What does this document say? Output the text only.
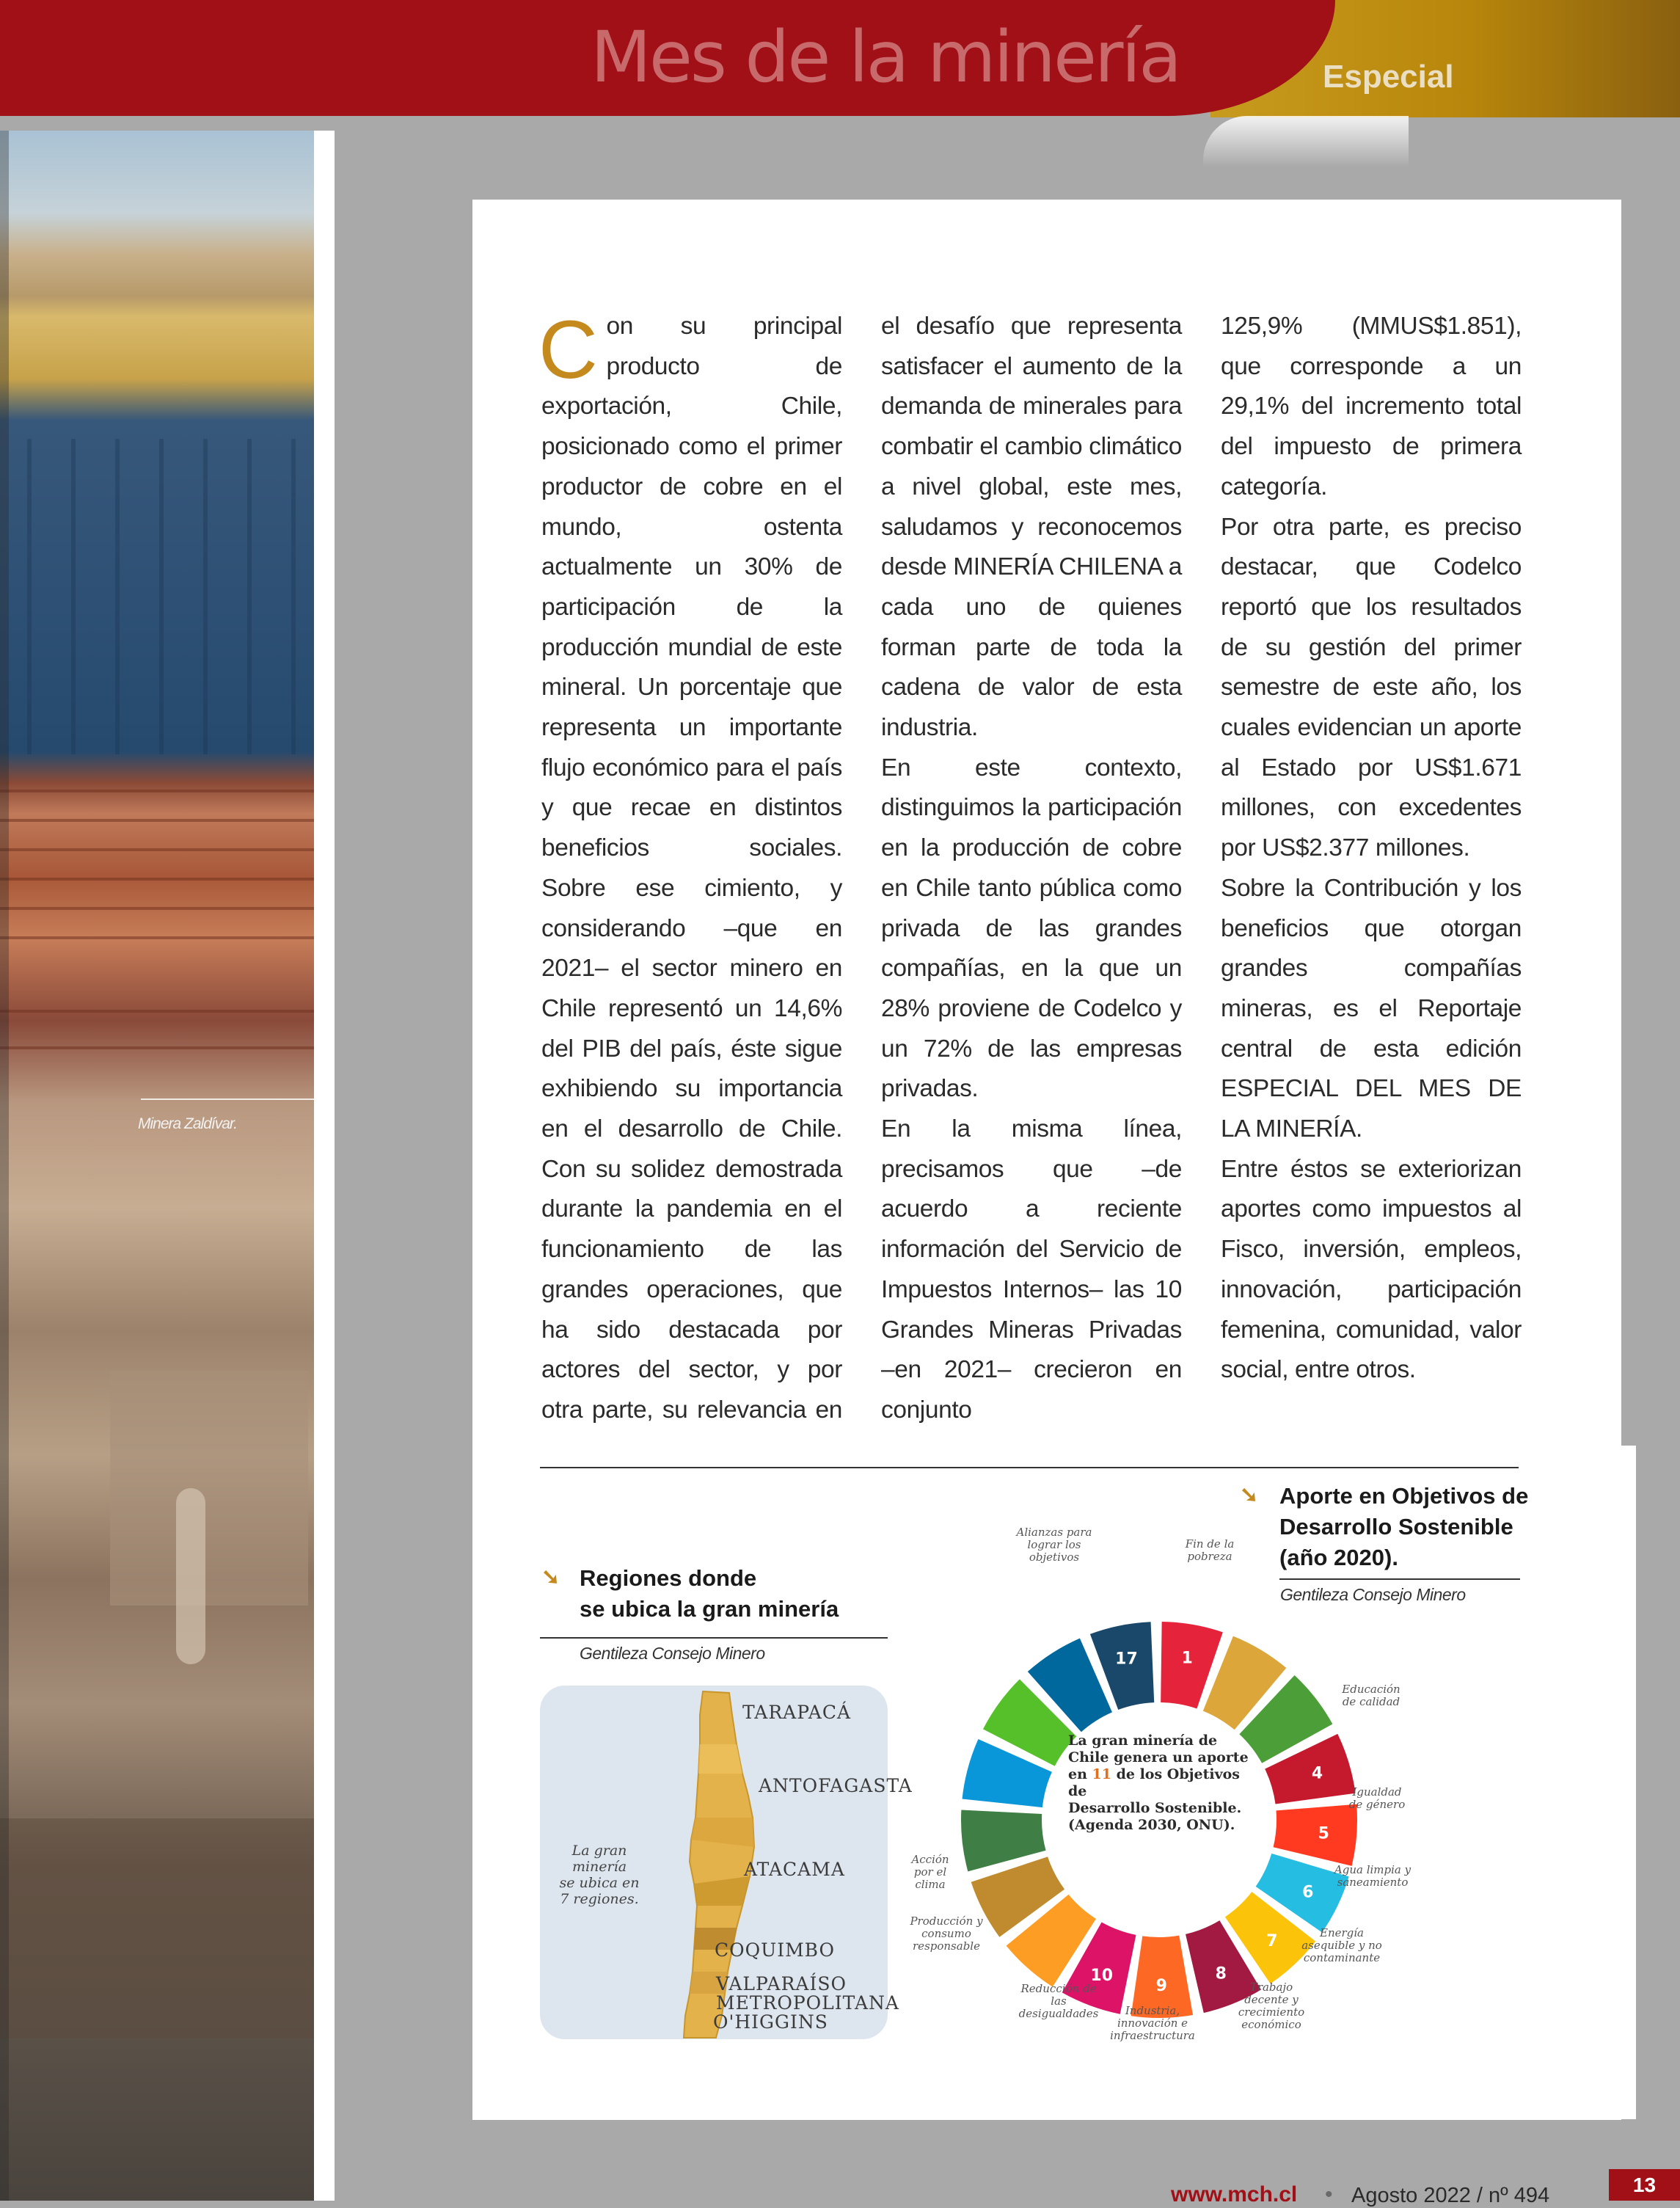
Mes de la minería	Especial
Minera Zaldívar.
C on su principal producto de exportación, Chile, posicionado como el primer productor de cobre en el mundo, ostenta actualmente un 30% de participación de la producción mundial de este mineral. Un porcentaje que representa un importante flujo económico para el país y que recae en distintos beneficios sociales.

Sobre ese cimiento, y considerando –que en 2021– el sector minero en Chile representó un 14,6% del PIB del país, éste sigue exhibiendo su importancia en el desarrollo de Chile.

Con su solidez demostrada durante la pandemia en el funcionamiento de las grandes operaciones, que ha sido destacada por actores del sector, y por otra parte, su relevancia en

el desafío que representa satisfacer el aumento de la demanda de minerales para combatir el cambio climático a nivel global, este mes, saludamos y reconocemos desde MINERÍA CHILENA a cada uno de quienes forman parte de toda la cadena de valor de esta industria.

En este contexto, distinguimos la participación en la producción de cobre en Chile tanto pública como privada de las grandes compañías, en la que un 28% proviene de Codelco y un 72% de las empresas privadas.

En la misma línea, precisamos que –de acuerdo a reciente información del Servicio de Impuestos Internos– las 10 Grandes Mineras Privadas –en 2021– crecieron en conjunto

125,9% (MMUS$1.851), que corresponde a un 29,1% del incremento total del impuesto de primera categoría.

Por otra parte, es preciso destacar, que Codelco reportó que los resultados de su gestión del primer semestre de este año, los cuales evidencian un aporte al Estado por US$1.671 millones, con excedentes por US$2.377 millones.

Sobre la Contribución y los beneficios que otorgan grandes compañías mineras, es el Reportaje central de esta edición ESPECIAL DEL MES DE LA MINERÍA.

Entre éstos se exteriorizan aportes como impuestos al Fisco, inversión, empleos, innovación, participación femenina, comunidad, valor social, entre otros.

➘ Aporte en Objetivos de
Desarrollo Sostenible
(año 2020).
Gentileza Consejo Minero
➘ Regiones donde
se ubica la gran minería
Gentileza Consejo Minero
TARAPACÁ
ANTOFAGASTA
ATACAMA
COQUIMBO
VALPARAÍSO
METROPOLITANA
O'HIGGINS
La gran minería
se ubica en
7 regiones.
17	1
4
5
6
7
8
9
10
La gran minería de
Chile genera un aporte
en 11 de los Objetivos de
Desarrollo Sostenible.
(Agenda 2030, ONU).
Alianzas para lograr los objetivos
Fin de la pobreza
Educación de calidad
Igualdad de género
Agua limpia y saneamiento
Energía asequible y no contaminante
Trabajo decente y crecimiento económico
Industria, innovación e infraestructura
Reducción de las desigualdades
Producción y consumo responsable
Acción por el clima
www.mch.cl • Agosto 2022 / nº 494	13
